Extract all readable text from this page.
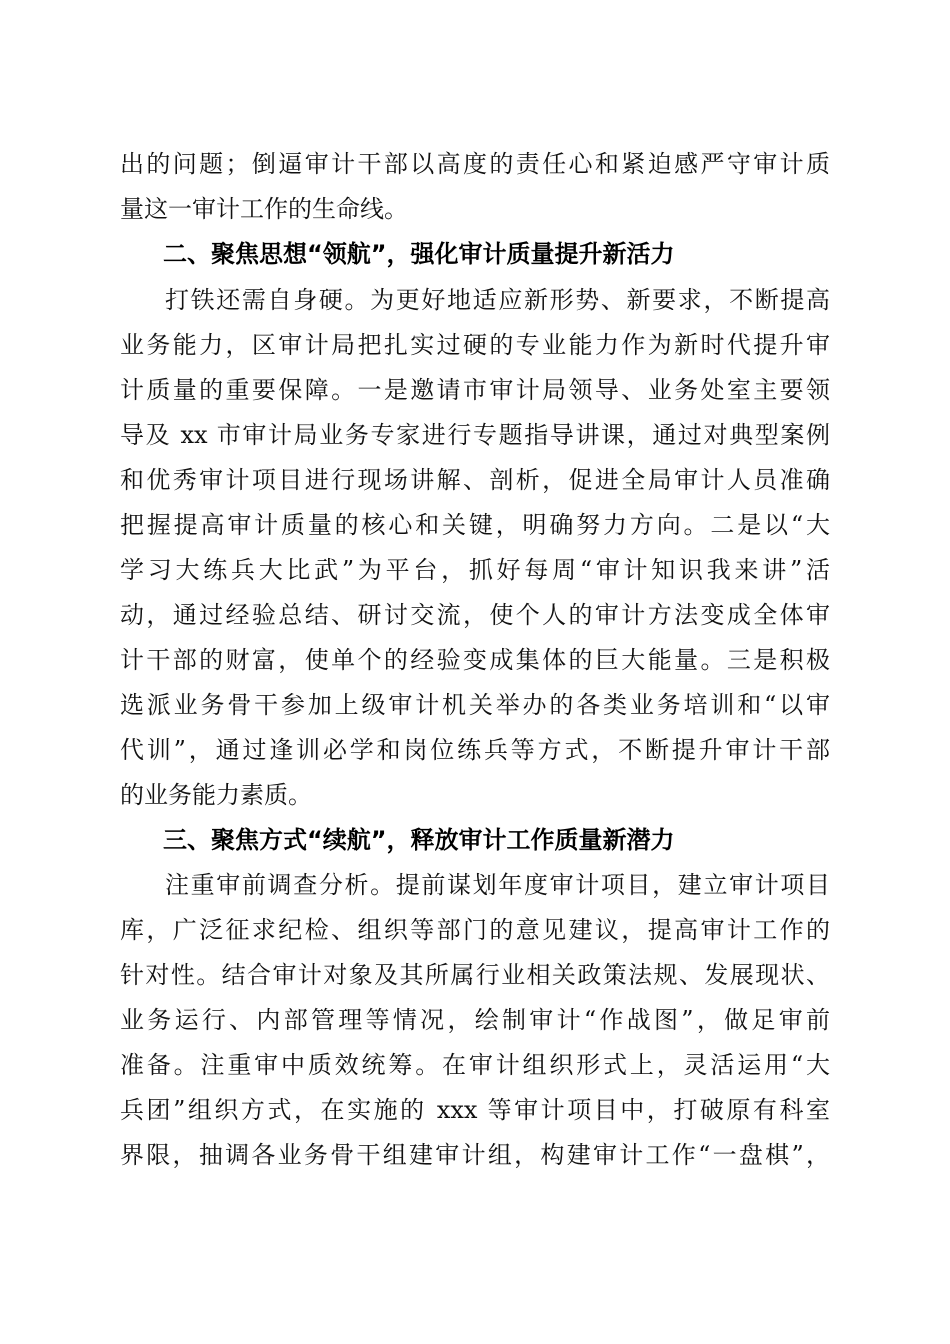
出的问题；倒逼审计干部以高度的责任心和紧迫感严守审计质
量这一审计工作的生命线。
二、聚焦思想“领航”，强化审计质量提升新活力
打铁还需自身硬。为更好地适应新形势、新要求，不断提高
业务能力，区审计局把扎实过硬的专业能力作为新时代提升审
计质量的重要保障。一是邀请市审计局领导、业务处室主要领
导及 xx 市审计局业务专家进行专题指导讲课，通过对典型案例
和优秀审计项目进行现场讲解、剖析，促进全局审计人员准确
把握提高审计质量的核心和关键，明确努力方向。二是以“大
学习大练兵大比武”为平台，抓好每周“审计知识我来讲”活
动，通过经验总结、研讨交流，使个人的审计方法变成全体审
计干部的财富，使单个的经验变成集体的巨大能量。三是积极
选派业务骨干参加上级审计机关举办的各类业务培训和“以审
代训”，通过逢训必学和岗位练兵等方式，不断提升审计干部
的业务能力素质。
三、聚焦方式“续航”，释放审计工作质量新潜力
注重审前调查分析。提前谋划年度审计项目，建立审计项目
库，广泛征求纪检、组织等部门的意见建议，提高审计工作的
针对性。结合审计对象及其所属行业相关政策法规、发展现状、
业务运行、内部管理等情况，绘制审计“作战图”，做足审前
准备。注重审中质效统筹。在审计组织形式上，灵活运用“大
兵团”组织方式，在实施的 xxx 等审计项目中，打破原有科室
界限，抽调各业务骨干组建审计组，构建审计工作“一盘棋”，
